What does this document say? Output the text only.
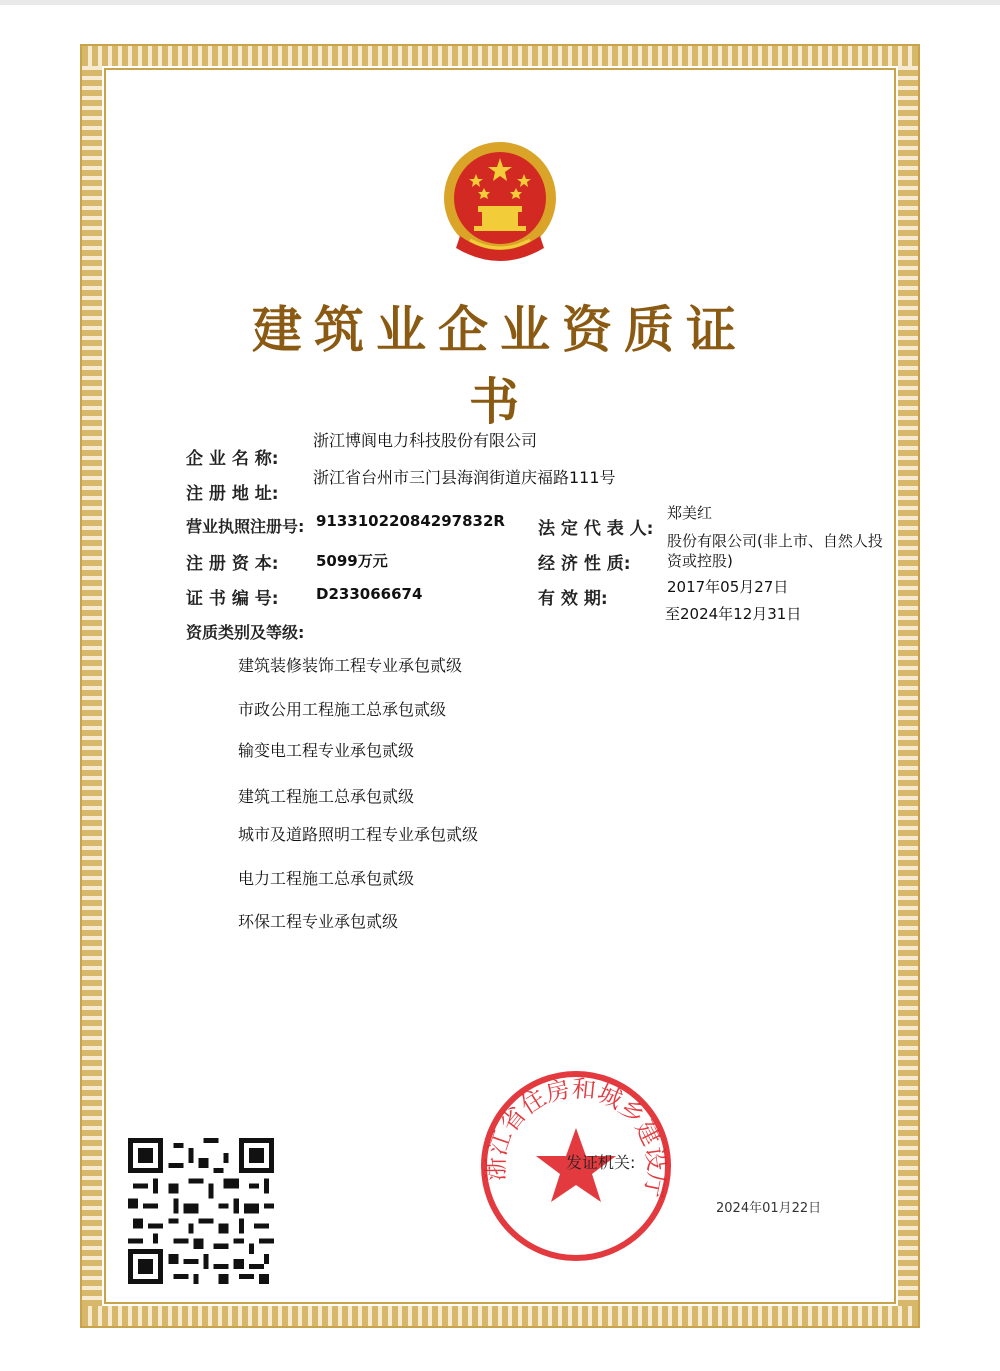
建筑业企业资质证书
企 业 名 称:
浙江博阆电力科技股份有限公司
注 册 地 址:
浙江省台州市三门县海润街道庆福路111号
营业执照注册号: 91331022084297832R 法 定 代 表 人:
郑美红
注 册 资 本: 5099万元	经 济 性 质:
股份有限公司(非上市、自然人投资或控股)
证 书 编 号: D233066674	有 效 期:
2017年05月27日
至2024年12月31日
资质类别及等级:
建筑装修装饰工程专业承包贰级
市政公用工程施工总承包贰级
输变电工程专业承包贰级
建筑工程施工总承包贰级
城市及道路照明工程专业承包贰级
电力工程施工总承包贰级
环保工程专业承包贰级
浙江省住房和城乡建设厅
发证机关:
2024年01月22日
